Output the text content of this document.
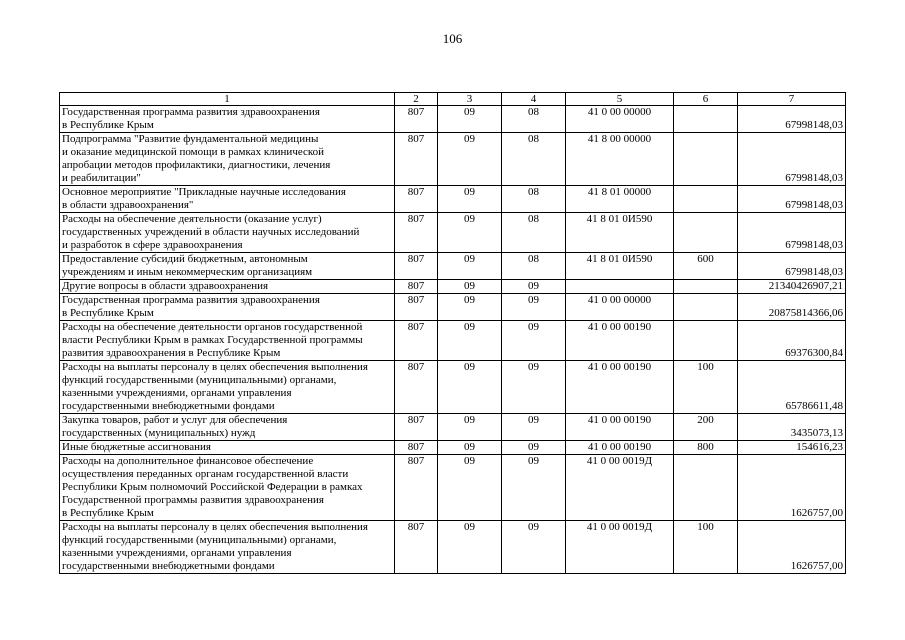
106
1	2	3	4	5	6	7
Государственная программа развития здравоохранения
в Республике Крым	807	09	08	41 0 00 00000		67998148,03
Подпрограмма "Развитие фундаментальной медицины
и оказание медицинской помощи в рамках клинической
апробации методов профилактики, диагностики, лечения
и реабилитации"	807	09	08	41 8 00 00000		67998148,03
Основное мероприятие "Прикладные научные исследования
в области здравоохранения"	807	09	08	41 8 01 00000		67998148,03
Расходы на обеспечение деятельности (оказание услуг)
государственных учреждений в области научных исследований
и разработок в сфере здравоохранения	807	09	08	41 8 01 0И590		67998148,03
Предоставление субсидий бюджетным, автономным
учреждениям и иным некоммерческим организациям	807	09	08	41 8 01 0И590	600	67998148,03
Другие вопросы в области здравоохранения	807	09	09			21340426907,21
Государственная программа развития здравоохранения
в Республике Крым	807	09	09	41 0 00 00000		20875814366,06
Расходы на обеспечение деятельности органов государственной
власти Республики Крым в рамках Государственной программы
развития здравоохранения в Республике Крым	807	09	09	41 0 00 00190		69376300,84
Расходы на выплаты персоналу в целях обеспечения выполнения
функций государственными (муниципальными) органами,
казенными учреждениями, органами управления
государственными внебюджетными фондами	807	09	09	41 0 00 00190	100	65786611,48
Закупка товаров, работ и услуг для обеспечения
государственных (муниципальных) нужд	807	09	09	41 0 00 00190	200	3435073,13
Иные бюджетные ассигнования	807	09	09	41 0 00 00190	800	154616,23
Расходы на дополнительное финансовое обеспечение
осуществления переданных органам государственной власти
Республики Крым полномочий Российской Федерации в рамках
Государственной программы развития здравоохранения
в Республике Крым	807	09	09	41 0 00 0019Д		1626757,00
Расходы на выплаты персоналу в целях обеспечения выполнения
функций государственными (муниципальными) органами,
казенными учреждениями, органами управления
государственными внебюджетными фондами	807	09	09	41 0 00 0019Д	100	1626757,00
